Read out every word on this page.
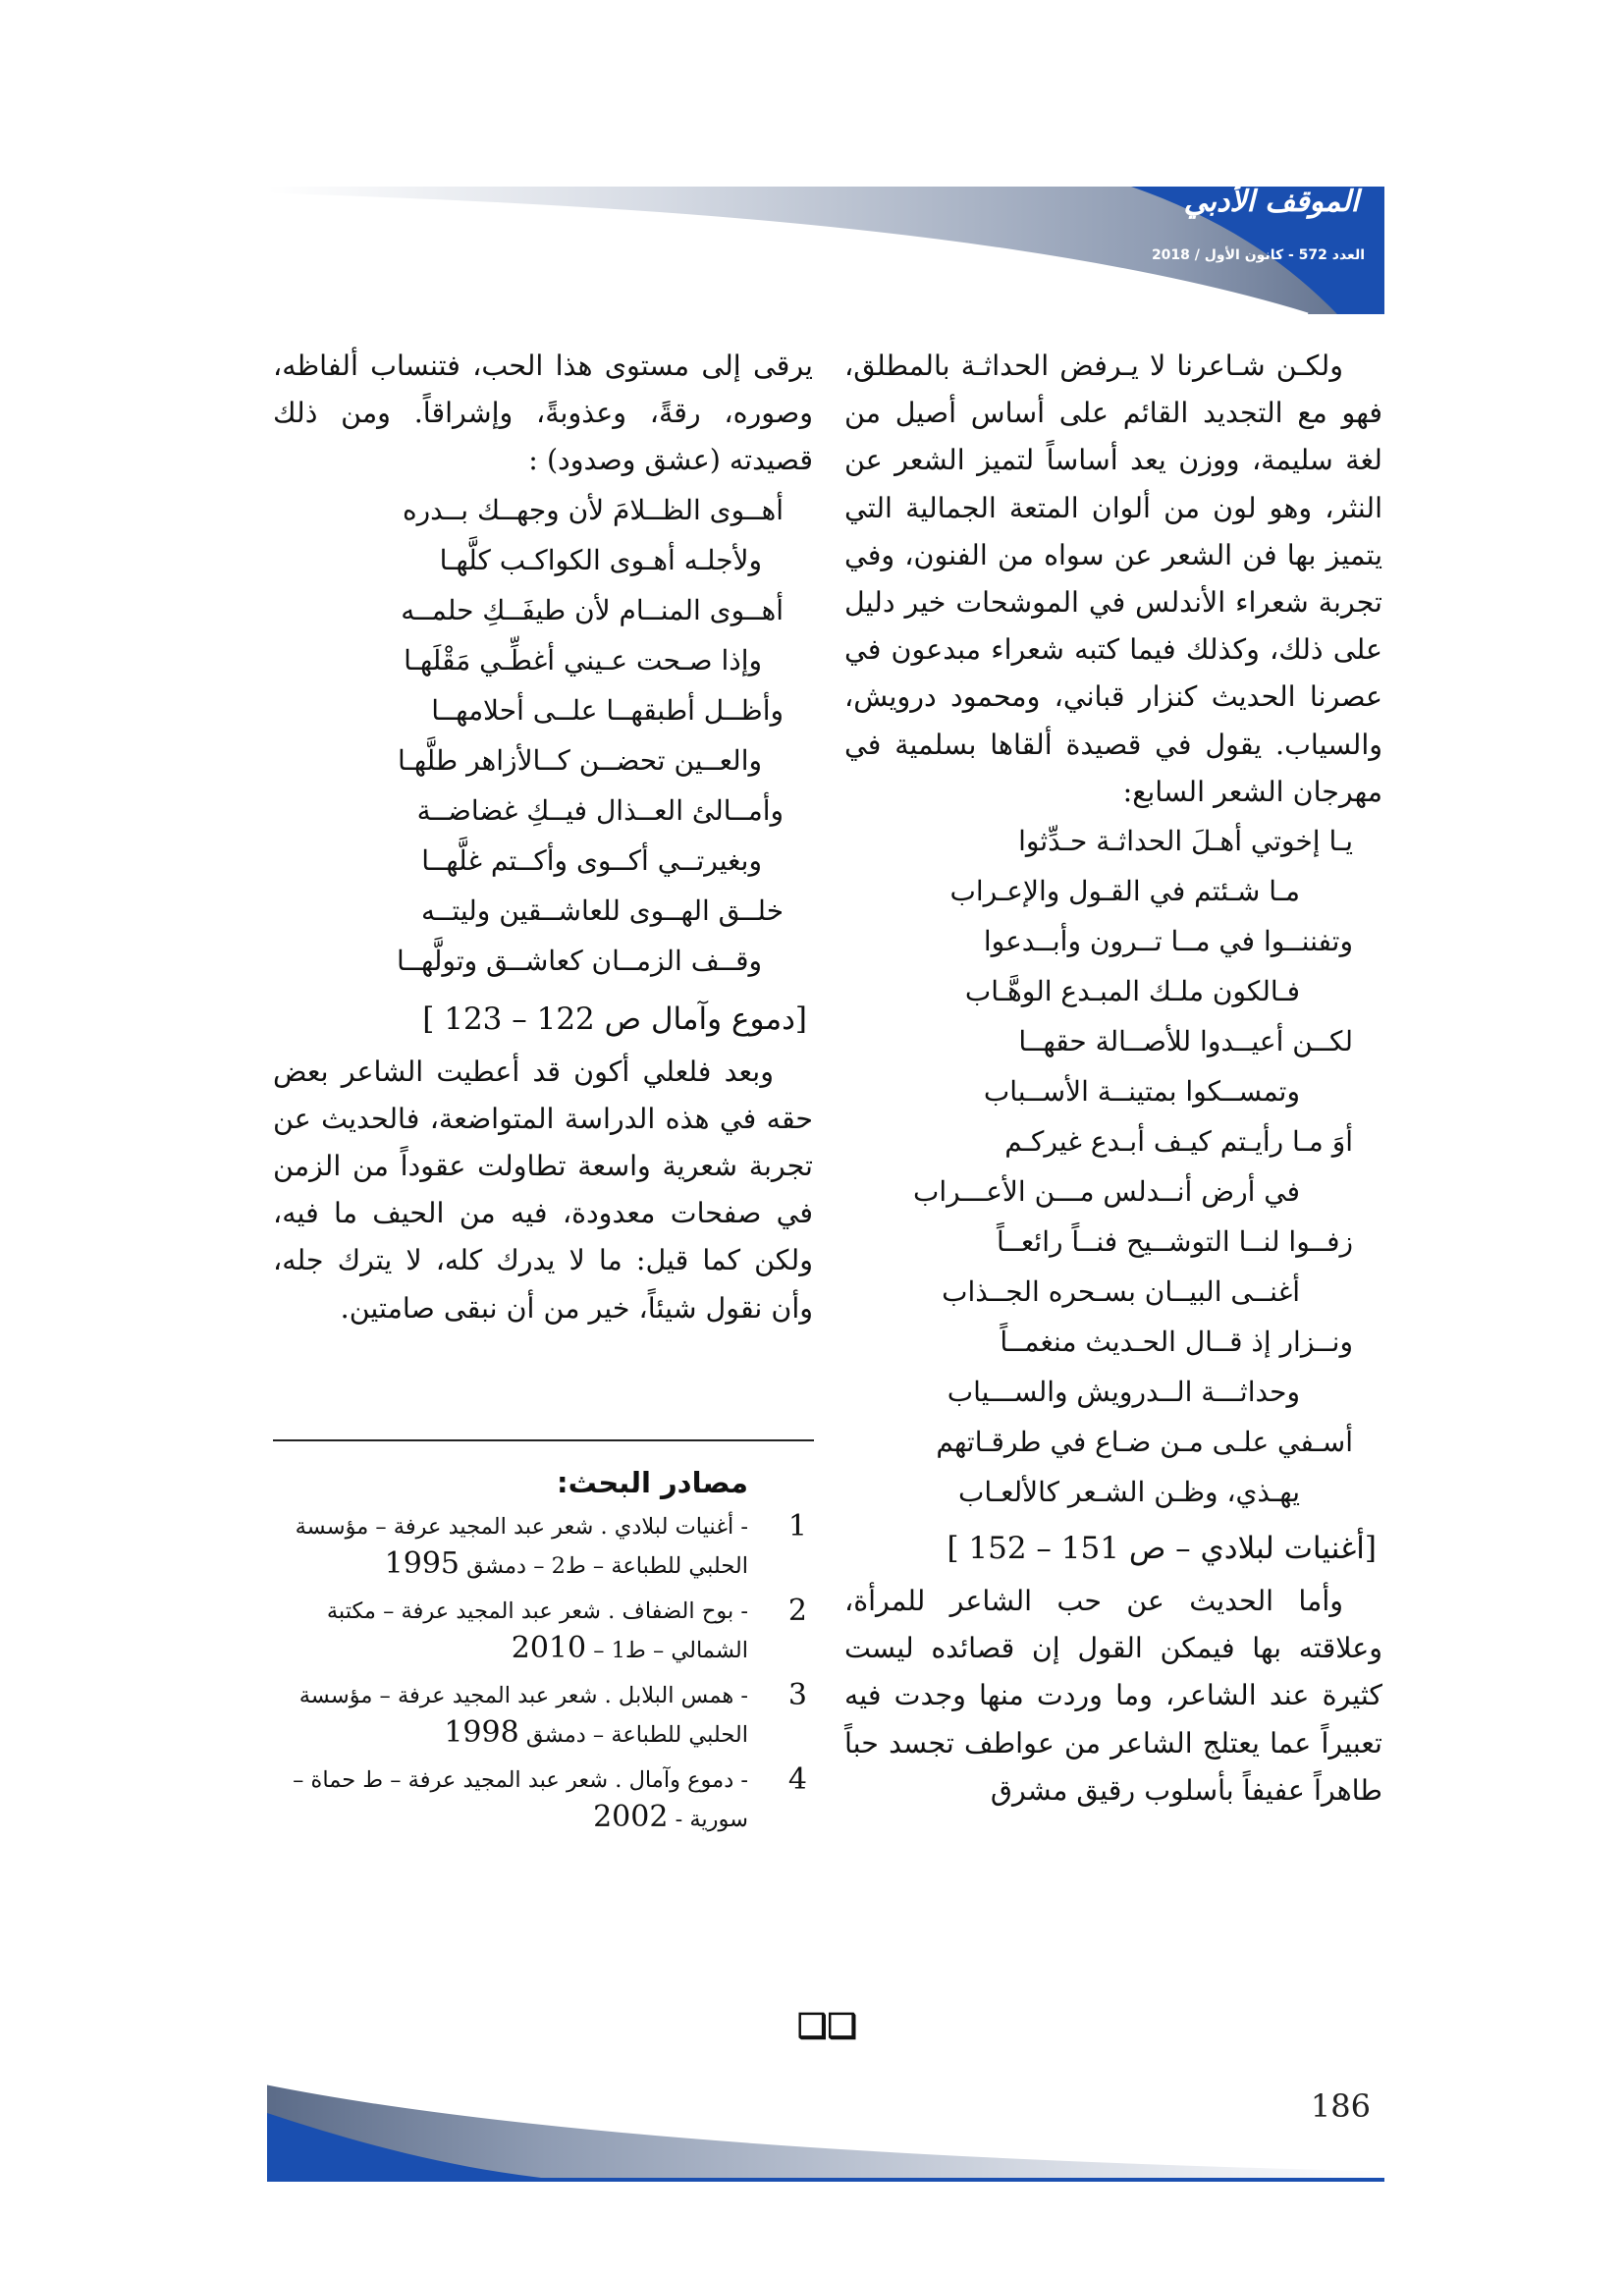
الموقف الأدبي
العدد 572 - كانون الأول / 2018

ولكـن شـاعرنا لا يـرفض الحداثـة بالمطلق، فهو مع التجديد القائم على أساس أصيل من لغة سليمة، ووزن يعد أساساً لتميز الشعر عن النثر، وهو لون من ألوان المتعة الجمالية التي يتميز بها فن الشعر عن سواه من الفنون، وفي تجربة شعراء الأندلس في الموشحات خير دليل على ذلك، وكذلك فيما كتبه شعراء مبدعون في عصرنا الحديث كنزار قباني، ومحمود درويش، والسياب. يقول في قصيدة ألقاها بسلمية في مهرجان الشعر السابع:

يـا إخوتي أهـلَ الحداثـة حـدِّثوا
مـا شـئتم في القـول والإعـراب
وتفننــوا في مــا تــرون وأبــدعوا
فـالكون ملـك المبـدع الوهَّـاب
لكــن أعيــدوا للأصــالة حقهــا
وتمســكوا بمتينــة الأســباب
أوَ مـا رأيـتم كيـف أبـدع غيركـم
في أرض أنــدلس مـــن الأعـــراب
زفــوا لنــا التوشــيح فنــاً رائعــاً
أغنــى البيــان بسـحره الجــذاب
ونــزار إذ قــال الحـديث منغمــاً
وحداثـــة الــدرويش والســـياب
أسـفي علـى مـن ضـاع في طرقـاتهم
يهـذي، وظـن الشـعر كالألعـاب
[أغنيات لبلادي – ص 151 – 152 ]

وأما الحديث عن حب الشاعر للمرأة، وعلاقته بها فيمكن القول إن قصائده ليست كثيرة عند الشاعر، وما وردت منها وجدت فيه تعبيراً عما يعتلج الشاعر من عواطف تجسد حباً طاهراً عفيفاً بأسلوب رقيق مشرق

يرقى إلى مستوى هذا الحب، فتنساب ألفاظه، وصوره، رقةً، وعذوبةً، وإشراقاً. ومن ذلك قصيدته (عشق وصدود) :

أهــوى الظــلامَ لأن وجهــك بــدره
ولأجلـه أهـوى الكواكـب كلَّهـا
أهــوى المنــام لأن طيفَــكِ حلمــه
وإذا صـحت عـيني أغطِّـي مَقْلَهـا
وأظــل أطبقهــا علــى أحلامهــا
والعــين تحضــن كــالأزاهر طلَّهـا
وأمــالئ العــذال فيــكِ غضاضــة
وبغيرتــي أكــوى وأكــتم غلَّهــا
خلــق الهــوى للعاشــقين وليتــه
وقــف الزمــان كعاشــق وتولَّهــا
[دموع وآمال ص 122 – 123 ]

وبعد فلعلي أكون قد أعطيت الشاعر بعض حقه في هذه الدراسة المتواضعة، فالحديث عن تجربة شعرية واسعة تطاولت عقوداً من الزمن في صفحات معدودة، فيه من الحيف ما فيه، ولكن كما قيل: ما لا يدرك كله، لا يترك جله، وأن نقول شيئاً، خير من أن نبقى صامتين.

مصادر البحث:
1
- أغنيات لبلادي . شعر عبد المجيد عرفة – مؤسسة الحلبي للطباعة – ط2 – دمشق 1995
2
- بوح الضفاف . شعر عبد المجيد عرفة – مكتبة الشمالي – ط1 – 2010
3
- همس البلابل . شعر عبد المجيد عرفة – مؤسسة الحلبي للطباعة – دمشق 1998
4
- دموع وآمال . شعر عبد المجيد عرفة – ط حماة – سورية - 2002
❑❑
186
